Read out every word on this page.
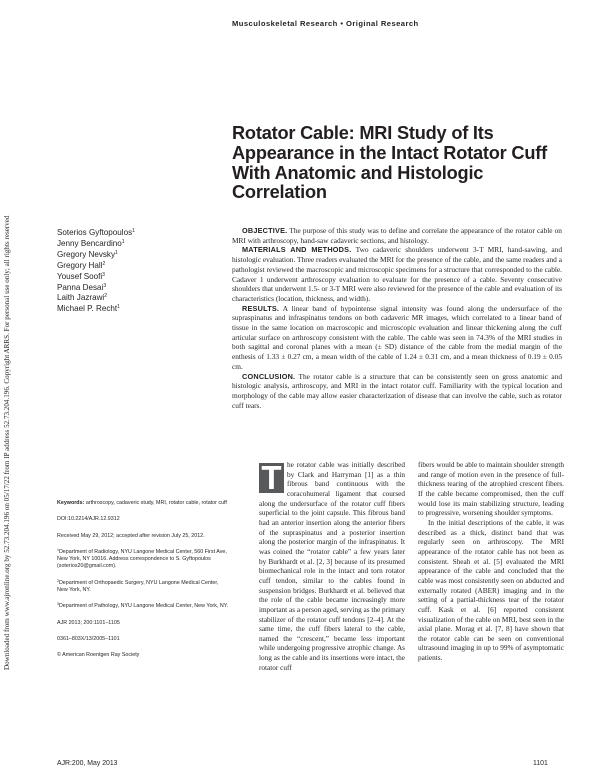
Downloaded from www.ajronline.org by 52.73.204.196 on 05/17/22 from IP address 52.73.204.196. Copyright ARRS. For personal use only; all rights reserved
Musculoskeletal Research • Original Research
Rotator Cable: MRI Study of Its Appearance in the Intact Rotator Cuff With Anatomic and Histologic Correlation
Soterios Gyftopoulos$^1$
Jenny Bencardino$^1$
Gregory Nevsky$^1$
Gregory Hall$^2$
Yousef Soofi$^3$
Panna Desai$^3$
Laith Jazrawi$^2$
Michael P. Recht$^1$

OBJECTIVE. The purpose of this study was to define and correlate the appearance of the rotator cable on MRI with arthroscopy, hand-saw cadaveric sections, and histology.

MATERIALS AND METHODS. Two cadaveric shoulders underwent 3-T MRI, hand-sawing, and histologic evaluation. Three readers evaluated the MRI for the presence of the cable, and the same readers and a pathologist reviewed the macroscopic and microscopic specimens for a structure that corresponded to the cable. Cadaver 1 underwent arthroscopy evaluation to evaluate for the presence of a cable. Seventy consecutive shoulders that underwent 1.5- or 3-T MRI were also reviewed for the presence of the cable and evaluation of its characteristics (location, thickness, and width).

RESULTS. A linear band of hypointense signal intensity was found along the undersurface of the supraspinatus and infraspinatus tendons on both cadaveric MR images, which correlated to a linear band of tissue in the same location on macroscopic and microscopic evaluation and linear thickening along the cuff articular surface on arthroscopy consistent with the cable. The cable was seen in 74.3% of the MRI studies in both sagittal and coronal planes with a mean (± SD) distance of the cable from the medial margin of the enthesis of 1.33 ± 0.27 cm, a mean width of the cable of 1.24 ± 0.31 cm, and a mean thickness of 0.19 ± 0.05 cm.

CONCLUSION. The rotator cable is a structure that can be consistently seen on gross anatomic and histologic analysis, arthroscopy, and MRI in the intact rotator cuff. Familiarity with the typical location and morphology of the cable may allow easier characterization of disease that can involve the cable, such as rotator cuff tears.

Keywords: arthroscopy, cadaveric study, MRI, rotator cable, rotator cuff

DOI:10.2214/AJR.12.9312

Received May 29, 2012; accepted after revision July 25, 2012.

$^1$Department of Radiology, NYU Langone Medical Center, 560 First Ave, New York, NY 10016. Address correspondence to S. Gyftopoulos (soterios20@gmail.com).

$^2$Department of Orthopaedic Surgery, NYU Langone Medical Center, New York, NY.

$^3$Department of Pathology, NYU Langone Medical Center, New York, NY.

AJR 2013; 200:1101–1105

0361–803X/13/2005–1101

© American Roentgen Ray Society

T he rotator cable was initially described by Clark and Harryman [1] as a thin fibrous band continuous with the coracohumeral ligament that coursed along the undersurface of the rotator cuff fibers superficial to the joint capsule. This fibrous band had an anterior insertion along the anterior fibers of the supraspinatus and a posterior insertion along the posterior margin of the infraspinatus. It was coined the “rotator cable” a few years later by Burkhardt et al. [2, 3] because of its presumed biomechanical role in the intact and torn rotator cuff tendon, similar to the cables found in suspension bridges. Burkhardt et al. believed that the role of the cable became increasingly more important as a person aged, serving as the primary stabilizer of the rotator cuff tendons [2–4]. At the same time, the cuff fibers lateral to the cable, named the “crescent,” became less important while undergoing progressive atrophic change. As long as the cable and its insertions were intact, the rotator cuff

fibers would be able to maintain shoulder strength and range of motion even in the presence of full-thickness tearing of the atrophied crescent fibers. If the cable became compromised, then the cuff would lose its main stabilizing structure, leading to progressive, worsening shoulder symptoms.

In the initial descriptions of the cable, it was described as a thick, distinct band that was regularly seen on arthroscopy. The MRI appearance of the rotator cable has not been as consistent. Sheah et al. [5] evaluated the MRI appearance of the cable and concluded that the cable was most consistently seen on abducted and externally rotated (ABER) imaging and in the setting of a partial-thickness tear of the rotator cuff. Kask et al. [6] reported consistent visualization of the cable on MRI, best seen in the axial plane. Morag et al. [7, 8] have shown that the rotator cable can be seen on conventional ultrasound imaging in up to 99% of asymptomatic patients.

AJR:200, May 2013	1101
